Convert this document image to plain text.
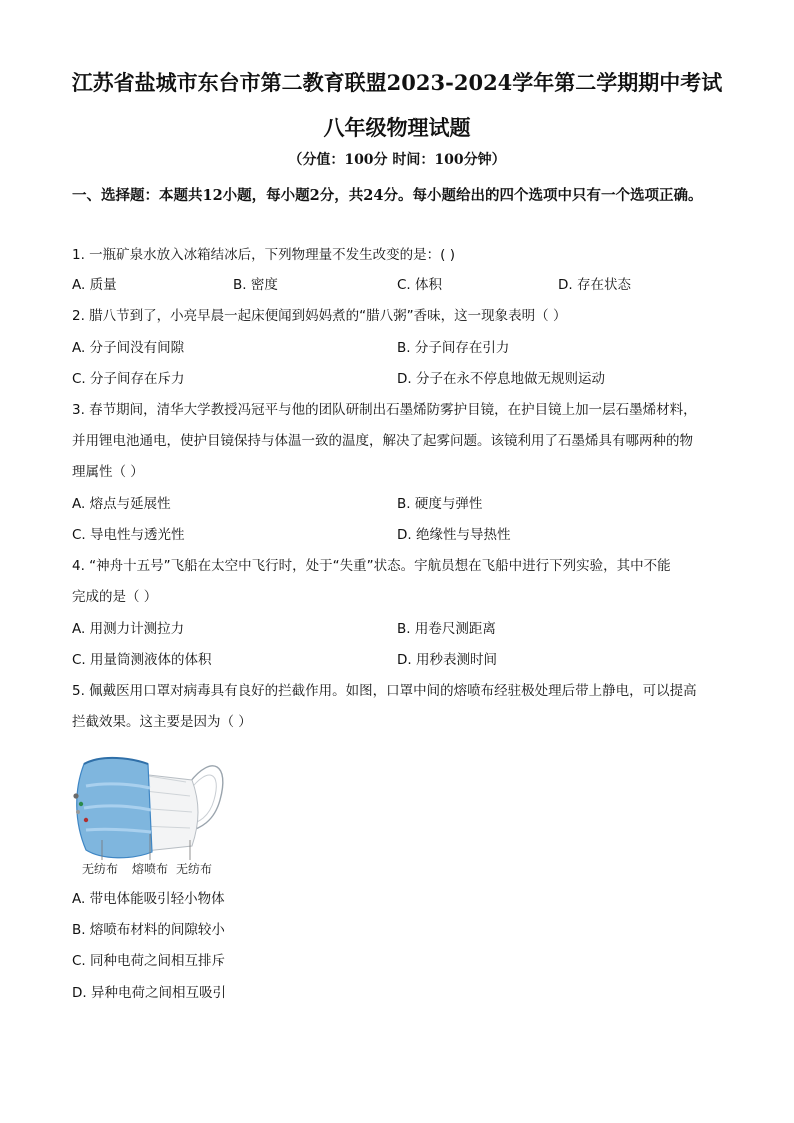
江苏省盐城市东台市第二教育联盟2023-2024学年第二学期期中考试
八年级物理试题
（分值：100分 时间：100分钟）
一、选择题：本题共12小题，每小题2分，共24分。每小题给出的四个选项中只有一个选项正确。
1. 一瓶矿泉水放入冰箱结冰后，下列物理量不发生改变的是：( )
A. 质量	B. 密度	C. 体积	D. 存在状态
2. 腊八节到了，小亮早晨一起床便闻到妈妈煮的“腊八粥”香味，这一现象表明（ ）
A. 分子间没有间隙	B. 分子间存在引力
C. 分子间存在斥力	D. 分子在永不停息地做无规则运动
3. 春节期间，清华大学教授冯冠平与他的团队研制出石墨烯防雾护目镜，在护目镜上加一层石墨烯材料，
并用锂电池通电，使护目镜保持与体温一致的温度，解决了起雾问题。该镜利用了石墨烯具有哪两种的物
理属性（ ）
A. 熔点与延展性	B. 硬度与弹性
C. 导电性与透光性	D. 绝缘性与导热性
4. “神舟十五号”飞船在太空中飞行时，处于“失重”状态。宇航员想在飞船中进行下列实验，其中不能
完成的是（ ）
A. 用测力计测拉力	B. 用卷尺测距离
C. 用量筒测液体的体积	D. 用秒表测时间
5. 佩戴医用口罩对病毒具有良好的拦截作用。如图，口罩中间的熔喷布经驻极处理后带上静电，可以提高
拦截效果。这主要是因为（ ）
无纺布 熔喷布 无纺布
A. 带电体能吸引轻小物体
B. 熔喷布材料的间隙较小
C. 同种电荷之间相互排斥
D. 异种电荷之间相互吸引
